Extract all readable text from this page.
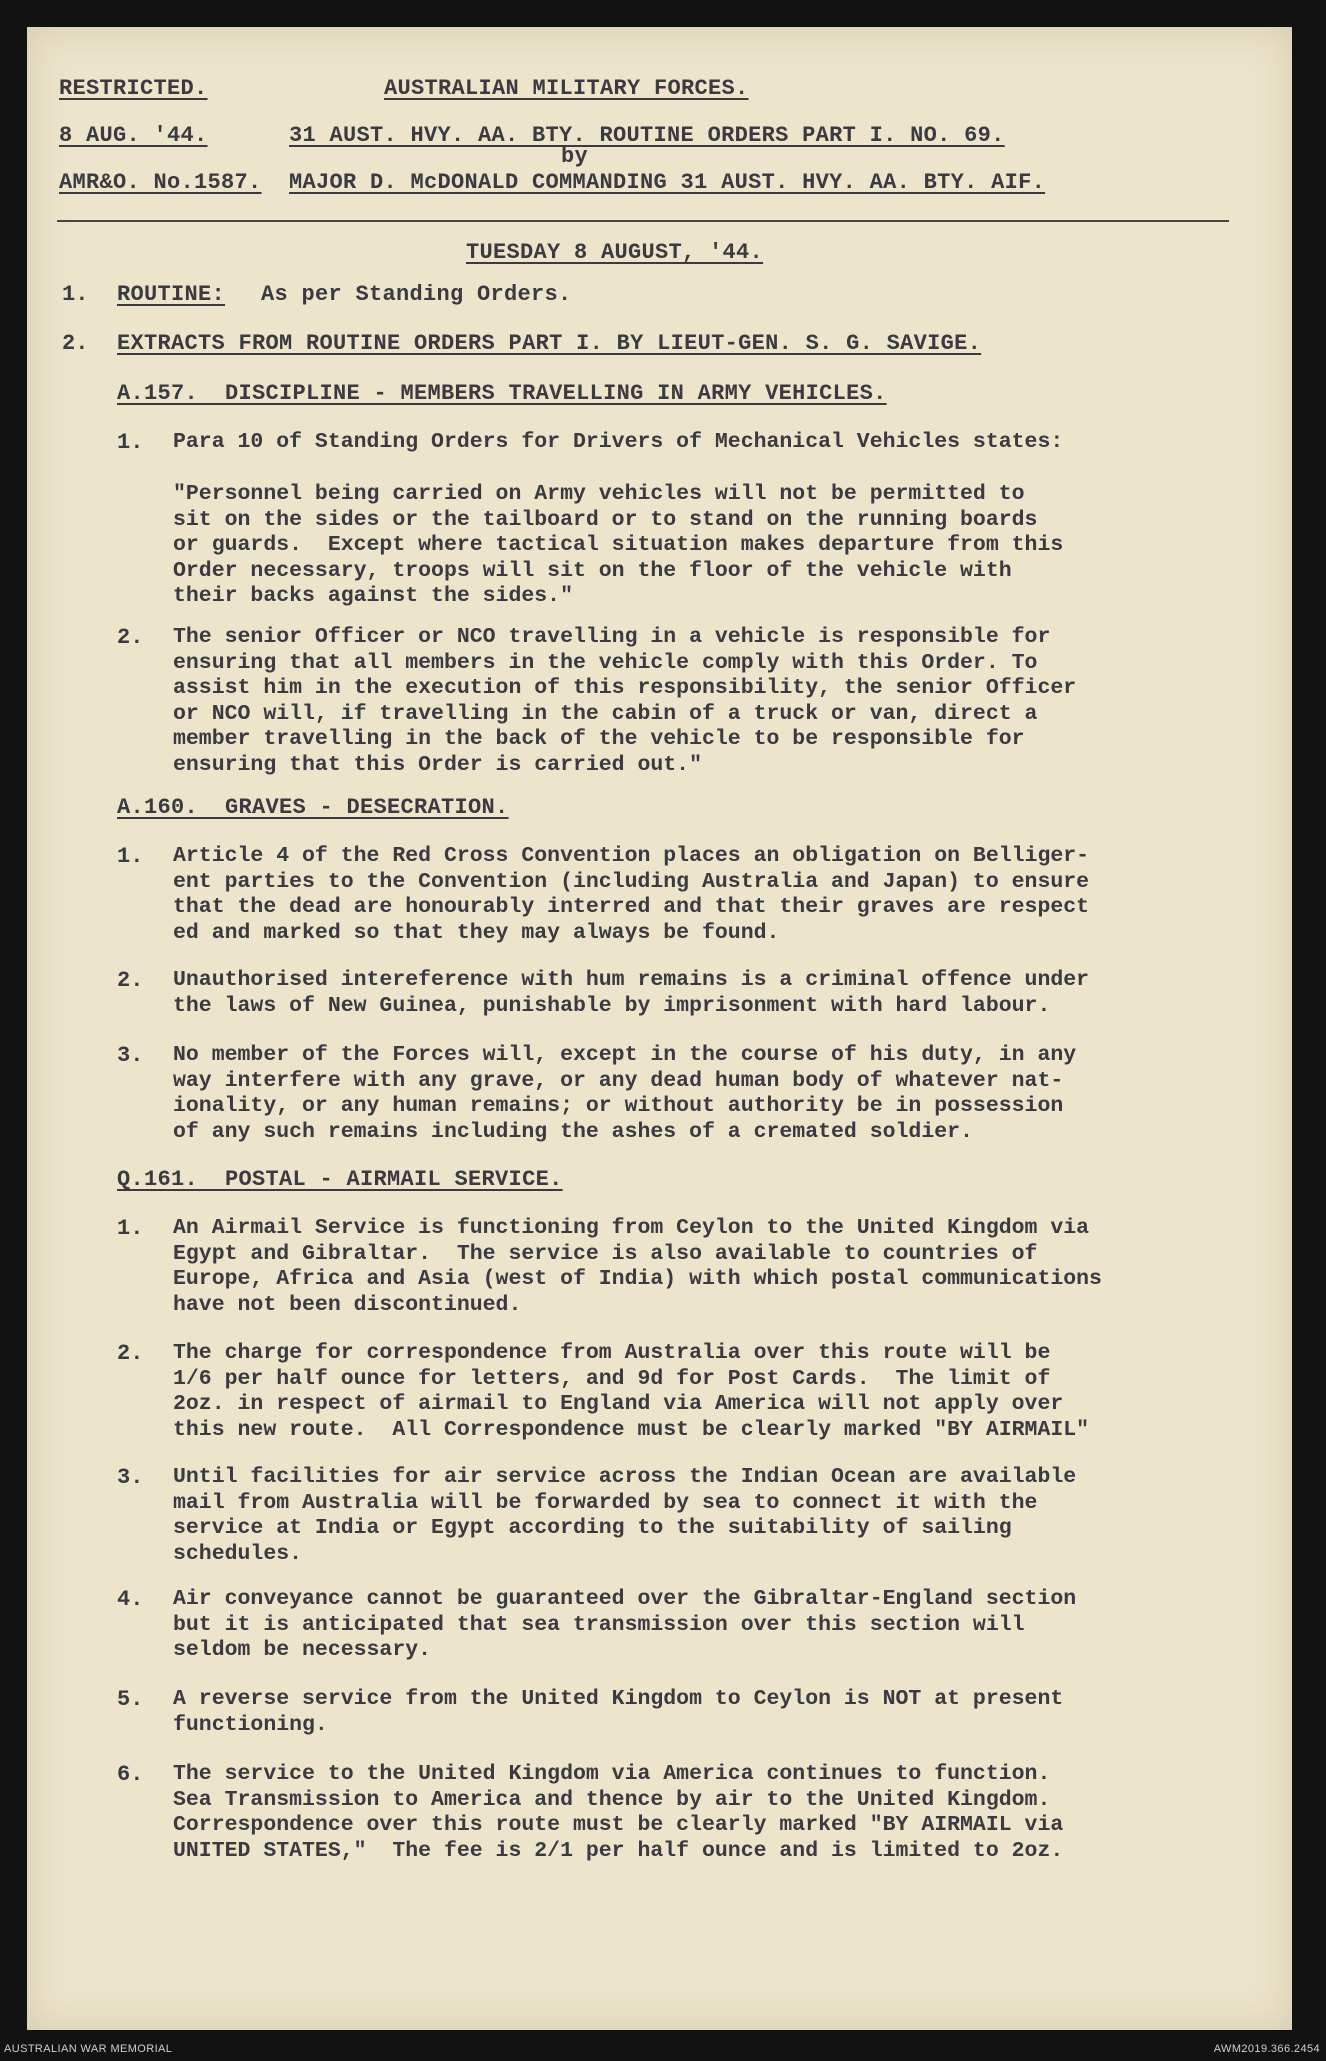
RESTRICTED.	AUSTRALIAN MILITARY FORCES.
8 AUG. '44.	31 AUST. HVY. AA. BTY. ROUTINE ORDERS PART I. NO. 69.
by
AMR&O. No.1587. MAJOR D. McDONALD COMMANDING 31 AUST. HVY. AA. BTY. AIF.
TUESDAY 8 AUGUST, '44.
1. ROUTINE: As per Standing Orders.
2. EXTRACTS FROM ROUTINE ORDERS PART I. BY LIEUT-GEN. S. G. SAVIGE.
A.157.  DISCIPLINE - MEMBERS TRAVELLING IN ARMY VEHICLES.
1. Para 10 of Standing Orders for Drivers of Mechanical Vehicles states:
"Personnel being carried on Army vehicles will not be permitted to
sit on the sides or the tailboard or to stand on the running boards
or guards.  Except where tactical situation makes departure from this
Order necessary, troops will sit on the floor of the vehicle with
their backs against the sides."
2. The senior Officer or NCO travelling in a vehicle is responsible for
ensuring that all members in the vehicle comply with this Order. To
assist him in the execution of this responsibility, the senior Officer
or NCO will, if travelling in the cabin of a truck or van, direct a
member travelling in the back of the vehicle to be responsible for
ensuring that this Order is carried out."
A.160.  GRAVES - DESECRATION.
1. Article 4 of the Red Cross Convention places an obligation on Belliger-
ent parties to the Convention (including Australia and Japan) to ensure
that the dead are honourably interred and that their graves are respect
ed and marked so that they may always be found.
2. Unauthorised intereference with hum remains is a criminal offence under
the laws of New Guinea, punishable by imprisonment with hard labour.
3. No member of the Forces will, except in the course of his duty, in any
way interfere with any grave, or any dead human body of whatever nat-
ionality, or any human remains; or without authority be in possession
of any such remains including the ashes of a cremated soldier.
Q.161.  POSTAL - AIRMAIL SERVICE.
1. An Airmail Service is functioning from Ceylon to the United Kingdom via
Egypt and Gibraltar.  The service is also available to countries of
Europe, Africa and Asia (west of India) with which postal communications
have not been discontinued.
2. The charge for correspondence from Australia over this route will be
1/6 per half ounce for letters, and 9d for Post Cards.  The limit of
2oz. in respect of airmail to England via America will not apply over
this new route.  All Correspondence must be clearly marked "BY AIRMAIL"
3. Until facilities for air service across the Indian Ocean are available
mail from Australia will be forwarded by sea to connect it with the
service at India or Egypt according to the suitability of sailing
schedules.
4. Air conveyance cannot be guaranteed over the Gibraltar-England section
but it is anticipated that sea transmission over this section will
seldom be necessary.
5. A reverse service from the United Kingdom to Ceylon is NOT at present
functioning.
6. The service to the United Kingdom via America continues to function.
Sea Transmission to America and thence by air to the United Kingdom.
Correspondence over this route must be clearly marked "BY AIRMAIL via
UNITED STATES,"  The fee is 2/1 per half ounce and is limited to 2oz.
AUSTRALIAN WAR MEMORIAL	AWM2019.366.2454
